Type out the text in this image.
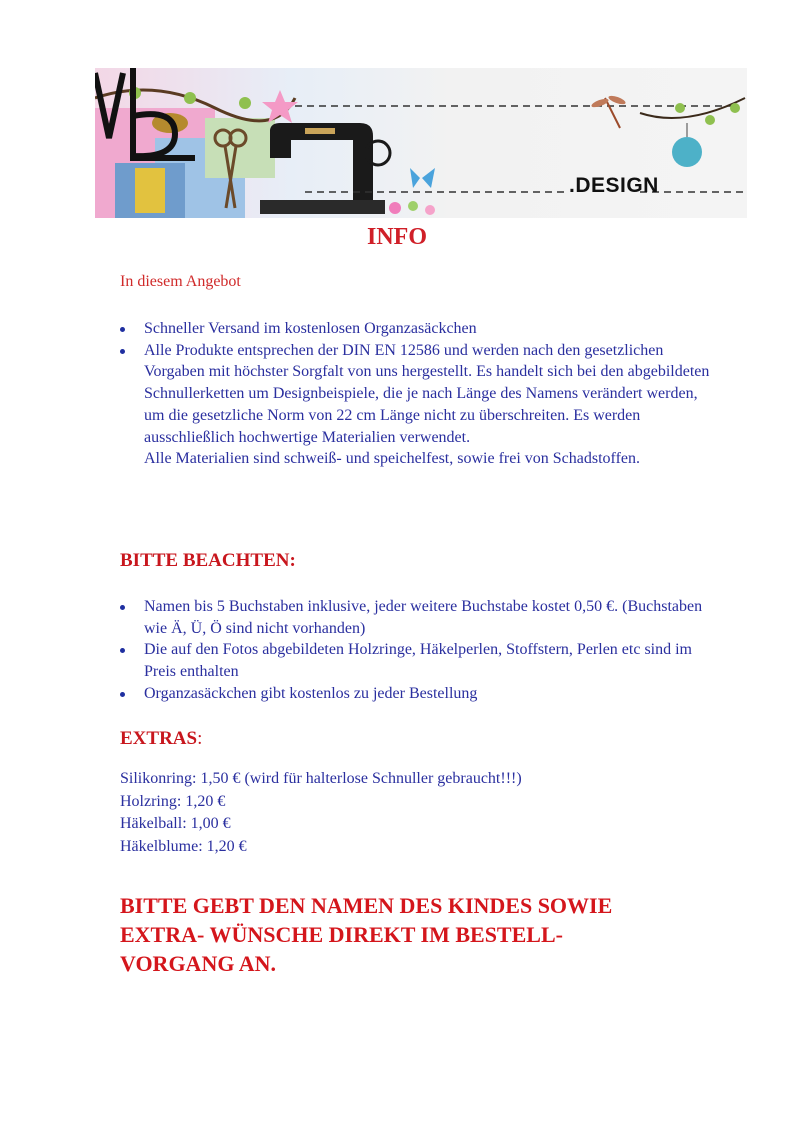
.DESIGN
INFO
In diesem Angebot
Schneller Versand im kostenlosen Organzasäckchen
Alle Produkte entsprechen der DIN EN 12586 und werden nach den gesetzlichen Vorgaben mit höchster Sorgfalt von uns hergestellt. Es handelt sich bei den abgebildeten Schnullerketten um Designbeispiele, die je nach Länge des Namens verändert werden, um die gesetzliche Norm von 22 cm Länge nicht zu überschreiten. Es werden ausschließlich hochwertige Materialien verwendet.
Alle Materialien sind schweiß- und speichelfest, sowie frei von Schadstoffen.
BITTE BEACHTEN:
Namen bis 5 Buchstaben inklusive, jeder weitere Buchstabe kostet 0,50 €. (Buchstaben wie Ä, Ü, Ö sind nicht vorhanden)
Die auf den Fotos abgebildeten Holzringe, Häkelperlen, Stoffstern, Perlen etc sind im Preis enthalten
Organzasäckchen gibt kostenlos zu jeder Bestellung
EXTRAS:
Silikonring: 1,50 € (wird für halterlose Schnuller gebraucht!!!)
Holzring: 1,20 €
Häkelball: 1,00 €
Häkelblume: 1,20 €
BITTE GEBT DEN NAMEN DES KINDES SOWIE EXTRA- WÜNSCHE DIREKT IM BESTELL- VORGANG AN.
